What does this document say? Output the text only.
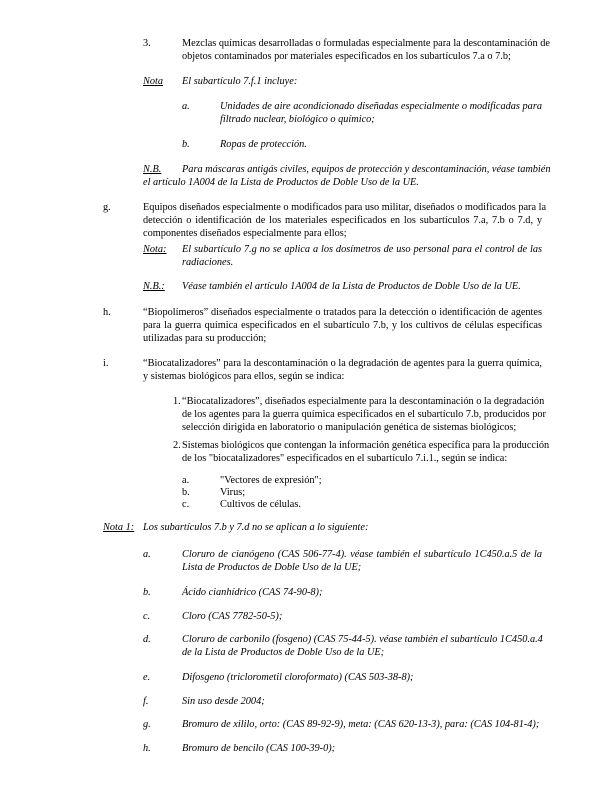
3.	Mezclas químicas desarrolladas o formuladas especialmente para la descontaminación de
objetos contaminados por materiales especificados en los subartículos 7.a o 7.b;
Nota El subartículo 7.f.1 incluye:
a.	Unidades de aire acondicionado diseñadas especialmente o modificadas para
filtrado nuclear, biológico o químico;
b.	Ropas de protección.
N.B. Para máscaras antigás civiles, equipos de protección y descontaminación, véase también
el artículo 1A004 de la Lista de Productos de Doble Uso de la UE.
g.	Equipos diseñados especialmente o modificados para uso militar, diseñados o modificados para la
detección o identificación de los materiales especificados en los subartículos 7.a, 7.b o 7.d, y
componentes diseñados especialmente para ellos;
Nota: El subartículo 7.g no se aplica a los dosímetros de uso personal para el control de las
radiaciones.
N.B.: Véase también el artículo 1A004 de la Lista de Productos de Doble Uso de la UE.
h.	“Biopolímeros” diseñados especialmente o tratados para la detección o identificación de agentes
para la guerra química especificados en el subartículo 7.b, y los cultivos de células específicas
utilizadas para su producción;
i.	“Biocatalizadores” para la descontaminación o la degradación de agentes para la guerra química,
y sistemas biológicos para ellos, según se indica:
1. “Biocatalizadores”, diseñados especialmente para la descontaminación o la degradación
de los agentes para la guerra química especificados en el subartículo 7.b, producidos por
selección dirigida en laboratorio o manipulación genética de sistemas biológicos;
2. Sistemas biológicos que contengan la información genética específica para la producción
de los "biocatalizadores" especificados en el subartículo 7.i.1., según se indica:
a.	"Vectores de expresión";
b.	Virus;
c.	Cultivos de células.
Nota 1: Los subartículos 7.b y 7.d no se aplican a lo siguiente:
a.	Cloruro de cianógeno (CAS 506-77-4). véase también el subartículo 1C450.a.5 de la
Lista de Productos de Doble Uso de la UE;
b.	Ácido cianhídrico (CAS 74-90-8);
c.	Cloro (CAS 7782-50-5);
d.	Cloruro de carbonilo (fosgeno) (CAS 75-44-5). véase también el subartículo 1C450.a.4
de la Lista de Productos de Doble Uso de la UE;
e.	Difosgeno (triclorometil cloroformato) (CAS 503-38-8);
f.	Sin uso desde 2004;
g.	Bromuro de xililo, orto: (CAS 89-92-9), meta: (CAS 620-13-3), para: (CAS 104-81-4);
h.	Bromuro de bencilo (CAS 100-39-0);
